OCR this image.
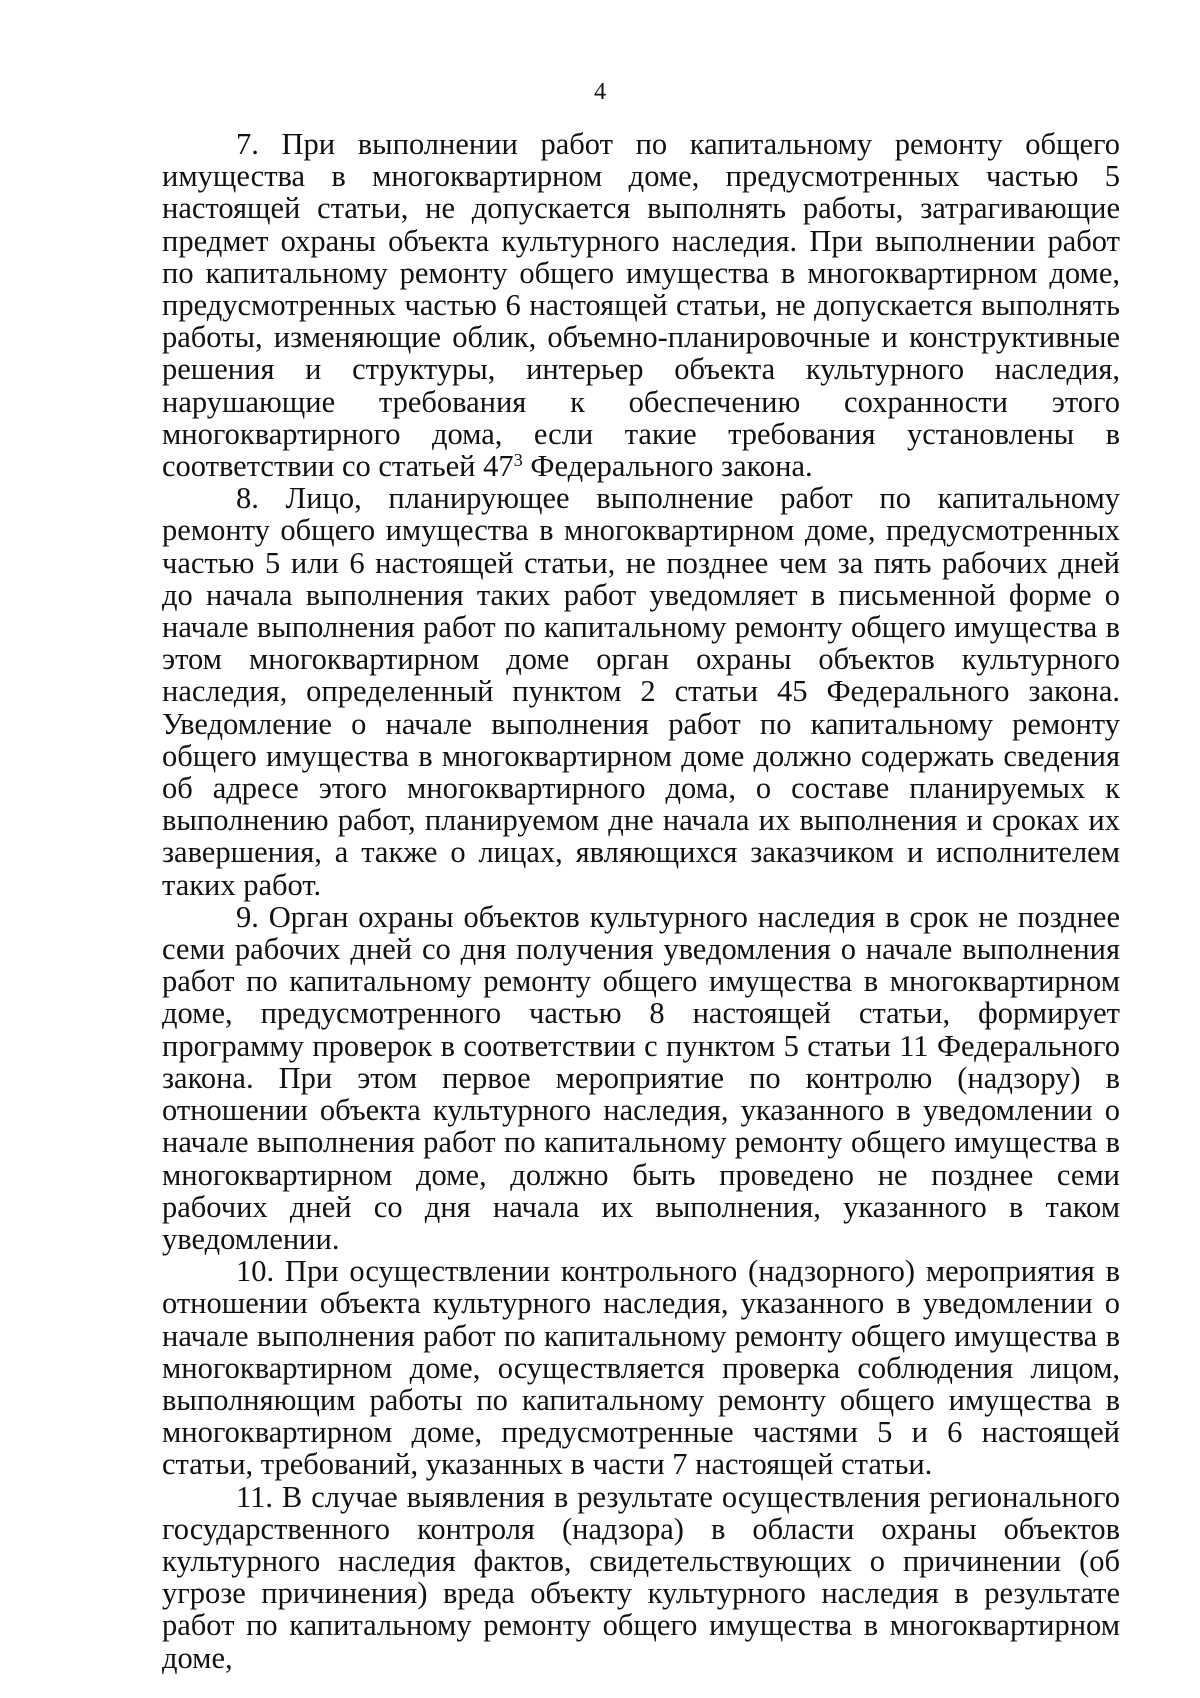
4

7. При выполнении работ по капитальному ремонту общего имущества в многоквартирном доме, предусмотренных частью 5 настоящей статьи, не допускается выполнять работы, затрагивающие предмет охраны объекта культурного наследия. При выполнении работ по капитальному ремонту общего имущества в многоквартирном доме, предусмотренных частью 6 настоящей статьи, не допускается выполнять работы, изменяющие облик, объемно-планировочные и конструктивные решения и структуры, интерьер объекта культурного наследия, нарушающие требования к обеспечению сохранности этого многоквартирного дома, если такие требования установлены в соответствии со статьей $47^3$ Федерального закона.

8. Лицо, планирующее выполнение работ по капитальному ремонту общего имущества в многоквартирном доме, предусмотренных частью 5 или 6 настоящей статьи, не позднее чем за пять рабочих дней до начала выполнения таких работ уведомляет в письменной форме о начале выполнения работ по капитальному ремонту общего имущества в этом многоквартирном доме орган охраны объектов культурного наследия, определенный пунктом 2 статьи 45 Федерального закона. Уведомление о начале выполнения работ по капитальному ремонту общего имущества в многоквартирном доме должно содержать сведения об адресе этого многоквартирного дома, о составе планируемых к выполнению работ, планируемом дне начала их выполнения и сроках их завершения, а также о лицах, являющихся заказчиком и исполнителем таких работ.

9. Орган охраны объектов культурного наследия в срок не позднее семи рабочих дней со дня получения уведомления о начале выполнения работ по капитальному ремонту общего имущества в многоквартирном доме, предусмотренного частью 8 настоящей статьи, формирует программу проверок в соответствии с пунктом 5 статьи 11 Федерального закона. При этом первое мероприятие по контролю (надзору) в отношении объекта культурного наследия, указанного в уведомлении о начале выполнения работ по капитальному ремонту общего имущества в многоквартирном доме, должно быть проведено не позднее семи рабочих дней со дня начала их выполнения, указанного в таком уведомлении.

10. При осуществлении контрольного (надзорного) мероприятия в отношении объекта культурного наследия, указанного в уведомлении о начале выполнения работ по капитальному ремонту общего имущества в многоквартирном доме, осуществляется проверка соблюдения лицом, выполняющим работы по капитальному ремонту общего имущества в многоквартирном доме, предусмотренные частями 5 и 6 настоящей статьи, требований, указанных в части 7 настоящей статьи.

11. В случае выявления в результате осуществления регионального государственного контроля (надзора) в области охраны объектов культурного наследия фактов, свидетельствующих о причинении (об угрозе причинения) вреда объекту культурного наследия в результате работ по капитальному ремонту общего имущества в многоквартирном доме,
